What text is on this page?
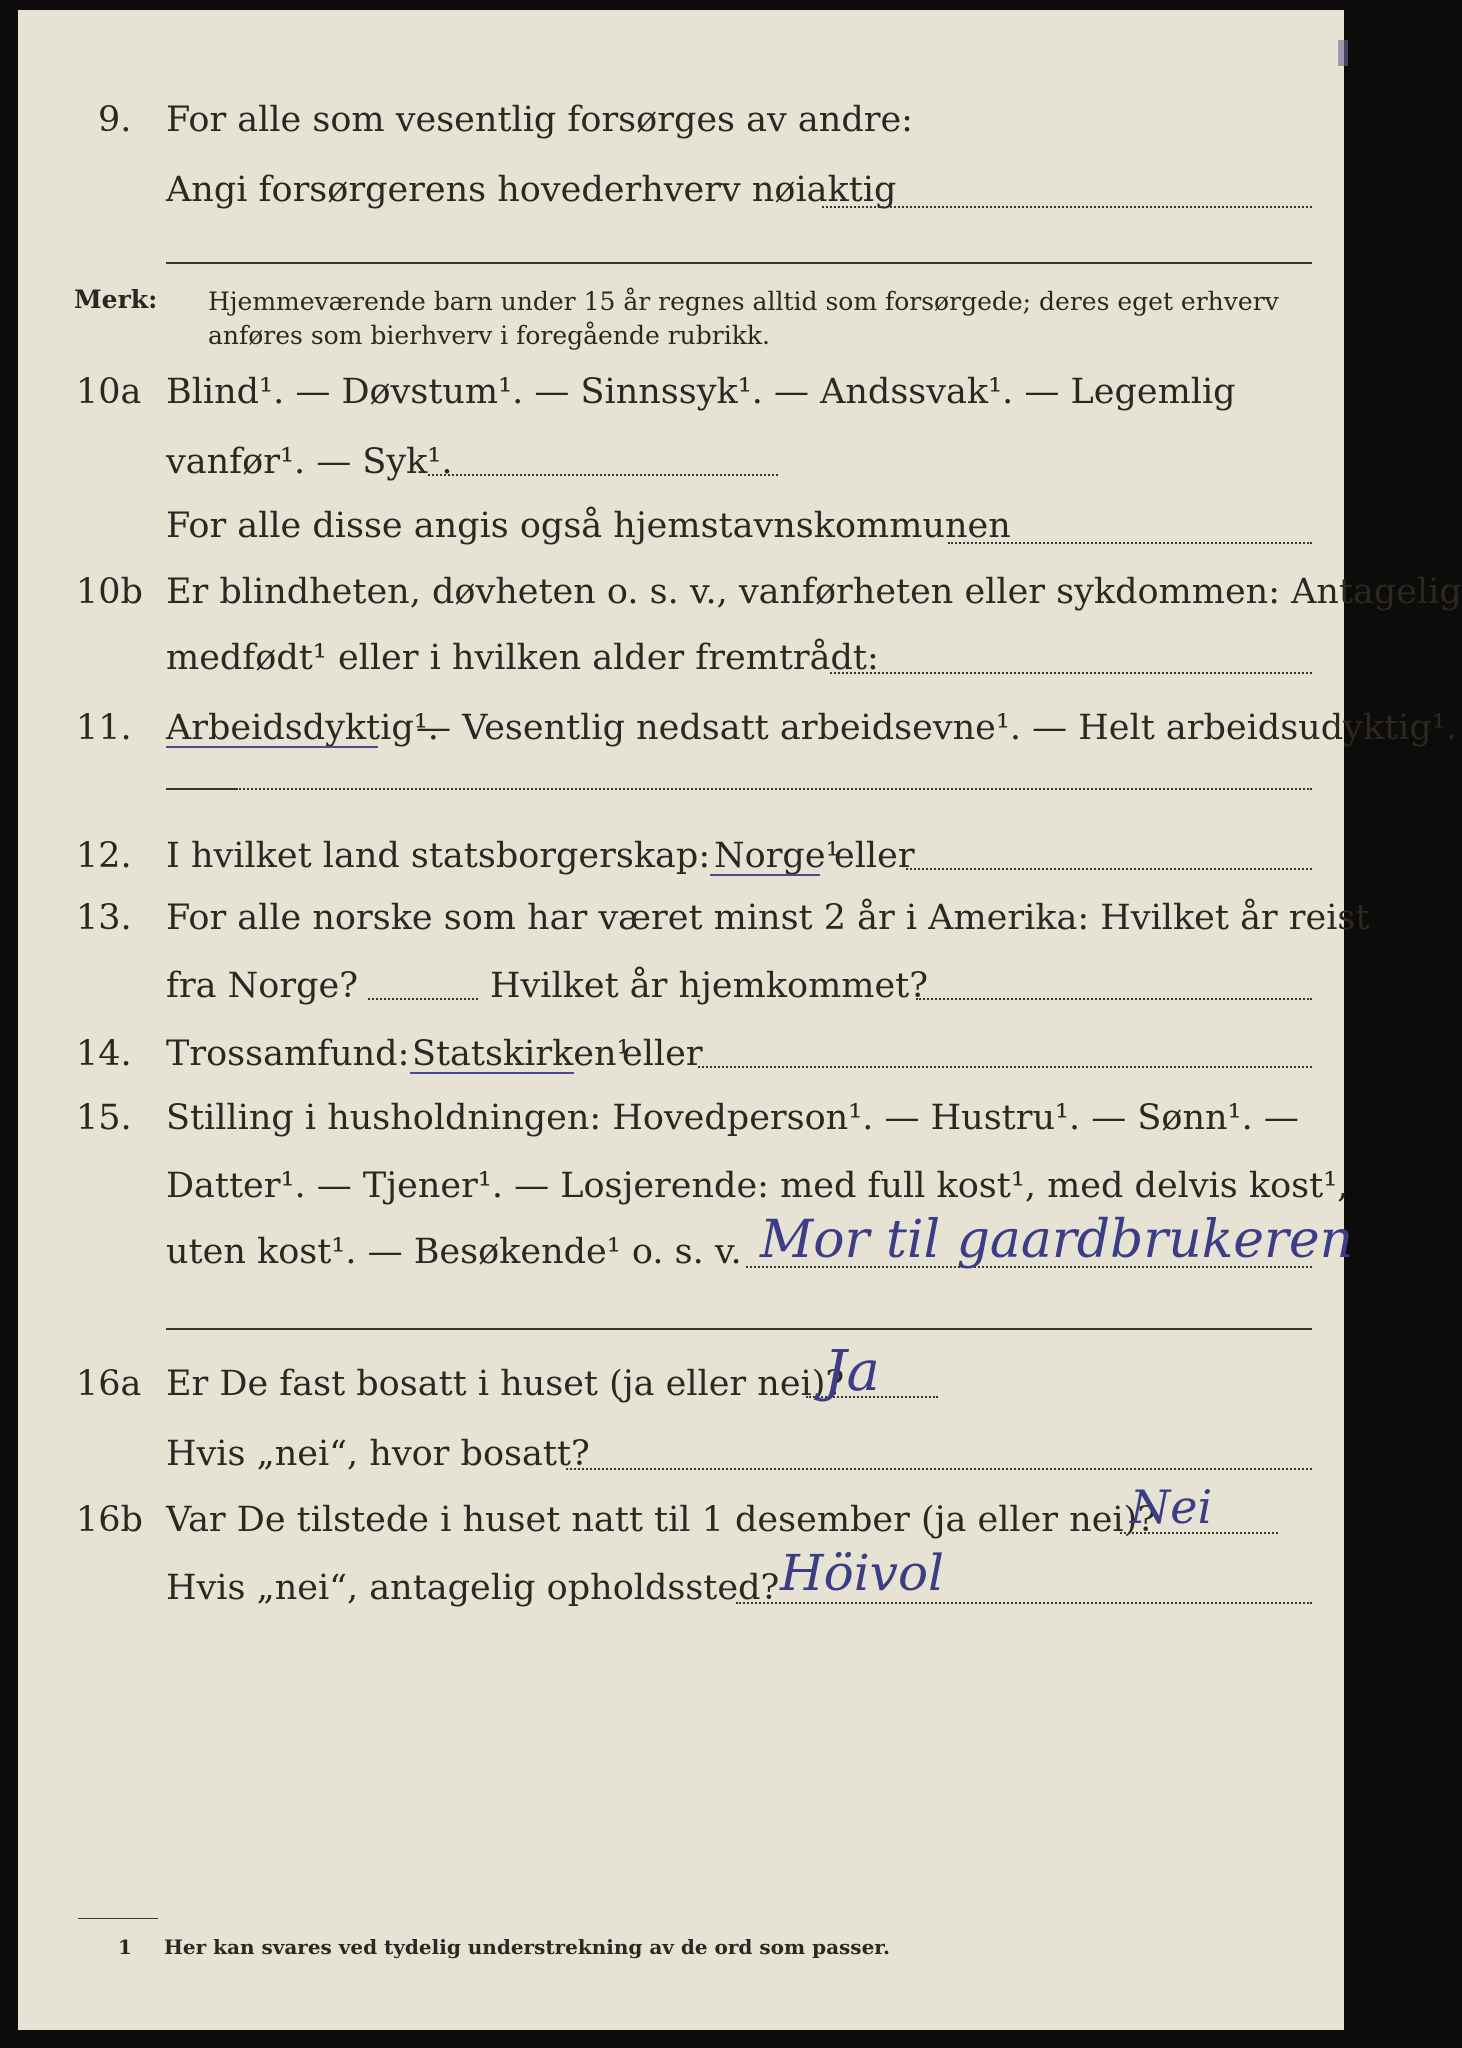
9. For alle som vesentlig forsørges av andre:
Angi forsørgerens hovederhverv nøiaktig
Merk: Hjemmeværende barn under 15 år regnes alltid som forsørgede; deres eget erhverv
anføres som bierhverv i foregående rubrikk.
10a Blind¹. — Døvstum¹. — Sinnssyk¹. — Andssvak¹. — Legemlig
vanfør¹. — Syk¹.
For alle disse angis også hjemstavnskommunen
10b Er blindheten, døvheten o. s. v., vanførheten eller sykdommen: Antagelig
medfødt¹ eller i hvilken alder fremtrådt:
11. Arbeidsdyktig¹.
— Vesentlig nedsatt arbeidsevne¹. — Helt arbeidsudyktig¹.
12. I hvilket land statsborgerskap: Norge¹
eller
13. For alle norske som har været minst 2 år i Amerika: Hvilket år reist
fra Norge?	Hvilket år hjemkommet?
14. Trossamfund: Statskirken¹
eller
15. Stilling i husholdningen: Hovedperson¹. — Hustru¹. — Sønn¹. —
Datter¹. — Tjener¹. — Losjerende: med full kost¹, med delvis kost¹,
uten kost¹. — Besøkende¹ o. s. v. Mor til gaardbrukeren
16a Er De fast bosatt i huset (ja eller nei)?
Ja
Hvis „nei“, hvor bosatt?
16b Var De tilstede i huset natt til 1 desember (ja eller nei)?
Nei
Hvis „nei“, antagelig opholdssted? Höivol
1 Her kan svares ved tydelig understrekning av de ord som passer.
